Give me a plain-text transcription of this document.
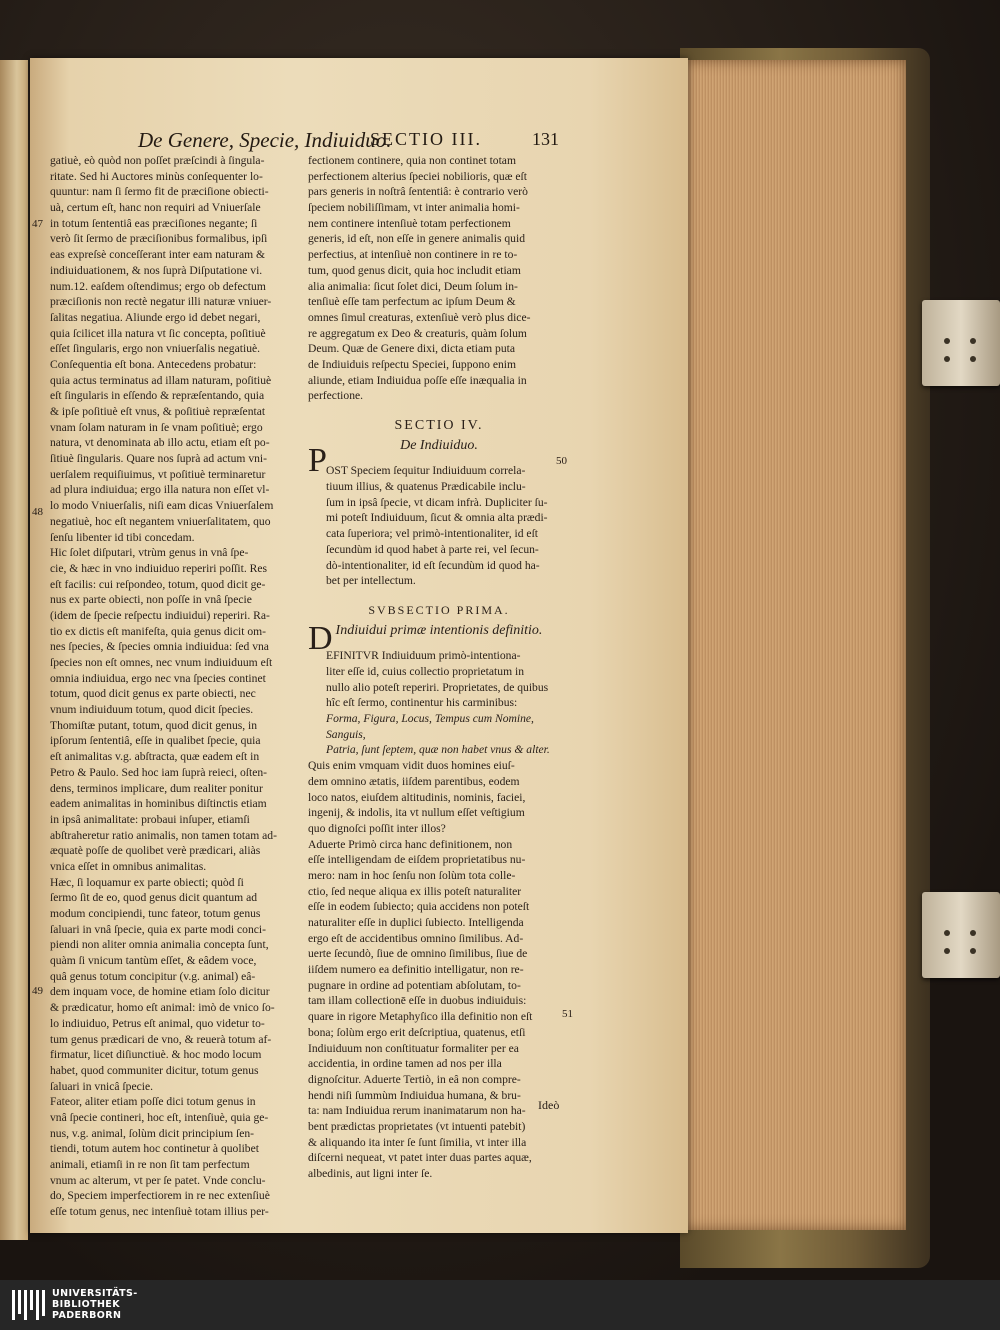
De Genere, Specie, Indiuiduo.
SECTIO III.	131
gatiuè, eò quòd non poſſet præſcindi à ſingula-
ritate. Sed hi Auctores minùs conſequenter lo-
quuntur: nam ſi ſermo fit de præciſione obiecti-
uà, certum eſt, hanc non requiri ad Vniuerſale
in totum ſententiâ eas præciſiones negante; ſi
verò ſit ſermo de præciſionibus formalibus, ipſi
eas expreſsè conceſſerant inter eam naturam &
indiuiduationem, & nos ſuprà Diſputatione vi.
num.12. eaſdem oſtendimus; ergo ob defectum
præciſionis non rectè negatur illi naturæ vniuer-
ſalitas negatiua. Aliunde ergo id debet negari,
quia ſcilicet illa natura vt ſic concepta, poſitiuè
eſſet ſingularis, ergo non vniuerſalis negatiuè.
Conſequentia eſt bona. Antecedens probatur:
quia actus terminatus ad illam naturam, poſitiuè
eſt ſingularis in eſſendo & repræſentando, quia
& ipſe poſitiuè eſt vnus, & poſitiuè repræſentat
vnam ſolam naturam in ſe vnam poſitiuè; ergo
natura, vt denominata ab illo actu, etiam eſt po-
ſitiuè ſingularis. Quare nos ſuprà ad actum vni-
uerſalem requiſiuimus, vt poſitiuè terminaretur
ad plura indiuidua; ergo illa natura non eſſet vl-
lo modo Vniuerſalis, niſi eam dicas Vniuerſalem
negatiuè, hoc eſt negantem vniuerſalitatem, quo
ſenſu libenter id tibi concedam.
Hic ſolet diſputari, vtrùm genus in vnâ ſpe-
cie, & hæc in vno indiuiduo reperiri poſſit. Res
eſt facilis: cui reſpondeo, totum, quod dicit ge-
nus ex parte obiecti, non poſſe in vnâ ſpecie
(idem de ſpecie reſpectu indiuidui) reperiri. Ra-
tio ex dictis eſt manifeſta, quia genus dicit om-
nes ſpecies, & ſpecies omnia indiuidua: ſed vna
ſpecies non eſt omnes, nec vnum indiuiduum eſt
omnia indiuidua, ergo nec vna ſpecies continet
totum, quod dicit genus ex parte obiecti, nec
vnum indiuiduum totum, quod dicit ſpecies.
Thomiſtæ putant, totum, quod dicit genus, in
ipſorum ſententiâ, eſſe in qualibet ſpecie, quia
eſt animalitas v.g. abſtracta, quæ eadem eſt in
Petro & Paulo. Sed hoc iam ſuprà reieci, oſten-
dens, terminos implicare, dum realiter ponitur
eadem animalitas in hominibus diſtinctis etiam
in ipsâ animalitate: probaui inſuper, etiamſi
abſtraheretur ratio animalis, non tamen totam ad-
æquatè poſſe de quolibet verè prædicari, aliàs
vnica eſſet in omnibus animalitas.
Hæc, ſi loquamur ex parte obiecti; quòd ſi
ſermo ſit de eo, quod genus dicit quantum ad
modum concipiendi, tunc fateor, totum genus
ſaluari in vnâ ſpecie, quia ex parte modi conci-
piendi non aliter omnia animalia concepta ſunt,
quàm ſi vnicum tantùm eſſet, & eâdem voce,
quâ genus totum concipitur (v.g. animal) eâ-
dem inquam voce, de homine etiam ſolo dicitur
& prædicatur, homo eſt animal: imò de vnico ſo-
lo indiuiduo, Petrus eſt animal, quo videtur to-
tum genus prædicari de vno, & reuerà totum af-
firmatur, licet diſiunctiuè. & hoc modo locum
habet, quod communiter dicitur, totum genus
ſaluari in vnicâ ſpecie.
Fateor, aliter etiam poſſe dici totum genus in
vnâ ſpecie contineri, hoc eſt, intenſiuè, quia ge-
nus, v.g. animal, ſolùm dicit principium ſen-
tiendi, totum autem hoc continetur à quolibet
animali, etiamſi in re non ſit tam perfectum
vnum ac alterum, vt per ſe patet. Vnde conclu-
do, Speciem imperfectiorem in re nec extenſiuè
eſſe totum genus, nec intenſiuè totam illius per-
fectionem continere, quia non continet totam
perfectionem alterius ſpeciei nobilioris, quæ eſt
pars generis in noſtrâ ſententiâ: è contrario verò
ſpeciem nobiliſſimam, vt inter animalia homi-
nem continere intenſiuè totam perfectionem
generis, id eſt, non eſſe in genere animalis quid
perfectius, at intenſiuè non continere in re to-
tum, quod genus dicit, quia hoc includit etiam
alia animalia: ſicut ſolet dici, Deum ſolum in-
tenſiuè eſſe tam perfectum ac ipſum Deum &
omnes ſimul creaturas, extenſiuè verò plus dice-
re aggregatum ex Deo & creaturis, quàm ſolum
Deum. Quæ de Genere dixi, dicta etiam puta
de Indiuiduis reſpectu Speciei, ſuppono enim
aliunde, etiam Indiuidua poſſe eſſe inæqualia in
perfectione.
SECTIO IV.
De Indiuiduo.
OST Speciem ſequitur Indiuiduum correla-
tiuum illius, & quatenus Prædicabile inclu-
ſum in ipsâ ſpecie, vt dicam infrà. Dupliciter ſu-
mi poteſt Indiuiduum, ſicut & omnia alta prædi-
cata ſuperiora; vel primò-intentionaliter, id eſt
ſecundùm id quod habet à parte rei, vel ſecun-
dò-intentionaliter, id eſt ſecundùm id quod ha-
bet per intellectum.
SVBSECTIO PRIMA.
Indiuidui primæ intentionis definitio.
EFINITVR Indiuiduum primò-intentiona-
liter eſſe id, cuius collectio proprietatum in
nullo alio poteſt reperiri. Proprietates, de quibus
hîc eſt ſermo, continentur his carminibus:
Forma, Figura, Locus, Tempus cum Nomine,
Sanguis,
Patria, ſunt ſeptem, quæ non habet vnus & alter.
Quis enim vmquam vidit duos homines eiuſ-
dem omnino ætatis, iiſdem parentibus, eodem
loco natos, eiuſdem altitudinis, nominis, faciei,
ingenij, & indolis, ita vt nullum eſſet veſtigium
quo dignoſci poſſit inter illos?
Aduerte Primò circa hanc definitionem, non
eſſe intelligendam de eiſdem proprietatibus nu-
mero: nam in hoc ſenſu non ſolùm tota colle-
ctio, ſed neque aliqua ex illis poteſt naturaliter
eſſe in eodem ſubiecto; quia accidens non poteſt
naturaliter eſſe in duplici ſubiecto. Intelligenda
ergo eſt de accidentibus omnino ſimilibus. Ad-
uerte ſecundò, ſiue de omnino ſimilibus, ſiue de
iiſdem numero ea definitio intelligatur, non re-
pugnare in ordine ad potentiam abſolutam, to-
tam illam collectionē eſſe in duobus indiuiduis:
quare in rigore Metaphyſico illa definitio non eſt
bona; ſolùm ergo erit deſcriptiua, quatenus, etſi
Indiuiduum non conſtituatur formaliter per ea
accidentia, in ordine tamen ad nos per illa
dignoſcitur. Aduerte Tertiò, in eâ non compre-
hendi niſi ſummùm Indiuidua humana, & bru-
ta: nam Indiuidua rerum inanimatarum non ha-
bent prædictas proprietates (vt intuenti patebit)
& aliquando ita inter ſe ſunt ſimilia, vt inter illa
diſcerni nequeat, vt patet inter duas partes aquæ,
albedinis, aut ligni inter ſe.
P
D
47
48
49
50
51
Ideò
UNIVERSITÄTS-
BIBLIOTHEK
PADERBORN
